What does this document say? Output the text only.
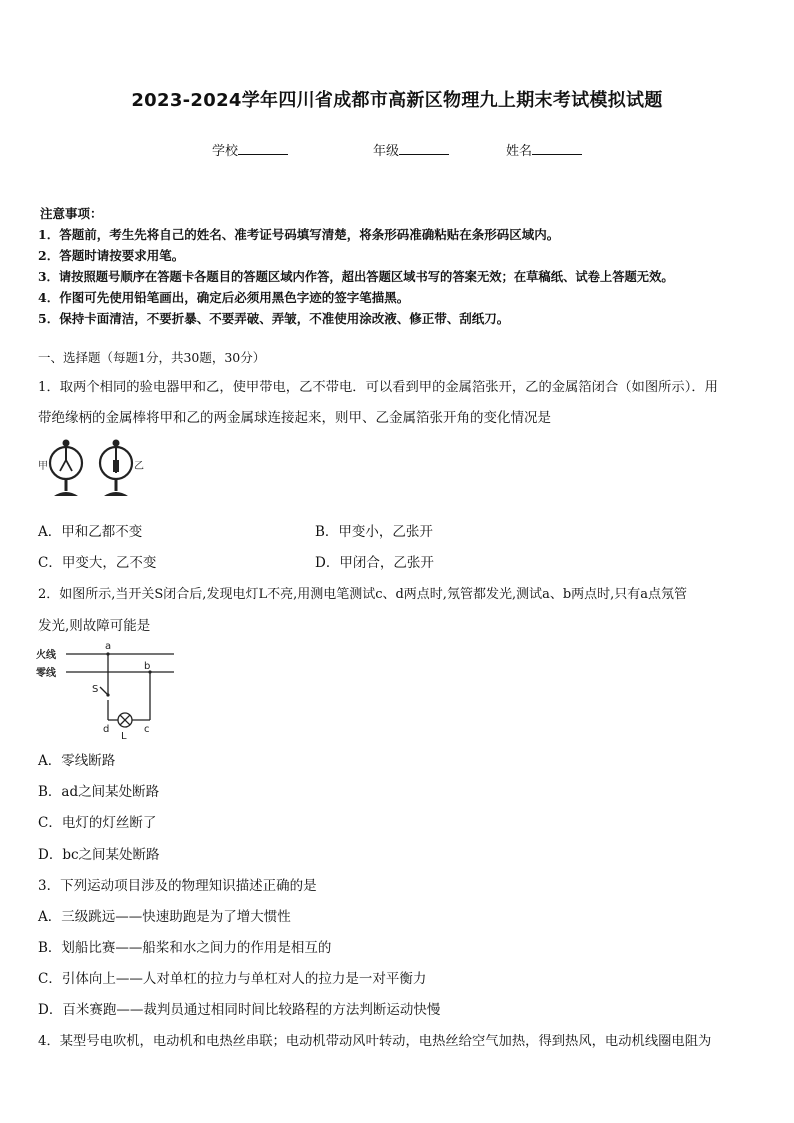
2023-2024学年四川省成都市高新区物理九上期末考试模拟试题
学校	年级	姓名
注意事项：
1．答题前，考生先将自己的姓名、准考证号码填写清楚，将条形码准确粘贴在条形码区域内。
2．答题时请按要求用笔。
3．请按照题号顺序在答题卡各题目的答题区域内作答，超出答题区域书写的答案无效；在草稿纸、试卷上答题无效。
4．作图可先使用铅笔画出，确定后必须用黑色字迹的签字笔描黑。
5．保持卡面清洁，不要折暴、不要弄破、弄皱，不准使用涂改液、修正带、刮纸刀。
一、选择题（每题1分，共30题，30分）
1．取两个相同的验电器甲和乙，使甲带电，乙不带电．可以看到甲的金属箔张开，乙的金属箔闭合（如图所示）．用
带绝缘柄的金属棒将甲和乙的两金属球连接起来，则甲、乙金属箔张开角的变化情况是
甲	乙
A．甲和乙都不变	B．甲变小，乙张开
C．甲变大，乙不变	D．甲闭合，乙张开
2．如图所示,当开关S闭合后,发现电灯L不亮,用测电笔测试c、d两点时,氖管都发光,测试a、b两点时,只有a点氖管
发光,则故障可能是
火线
零线
a
b
c
d
S
L
A．零线断路
B．ad之间某处断路
C．电灯的灯丝断了
D．bc之间某处断路
3．下列运动项目涉及的物理知识描述正确的是
A．三级跳远——快速助跑是为了增大惯性
B．划船比赛——船桨和水之间力的作用是相互的
C．引体向上——人对单杠的拉力与单杠对人的拉力是一对平衡力
D．百米赛跑——裁判员通过相同时间比较路程的方法判断运动快慢
4．某型号电吹机，电动机和电热丝串联；电动机带动风叶转动，电热丝给空气加热，得到热风，电动机线圈电阻为
